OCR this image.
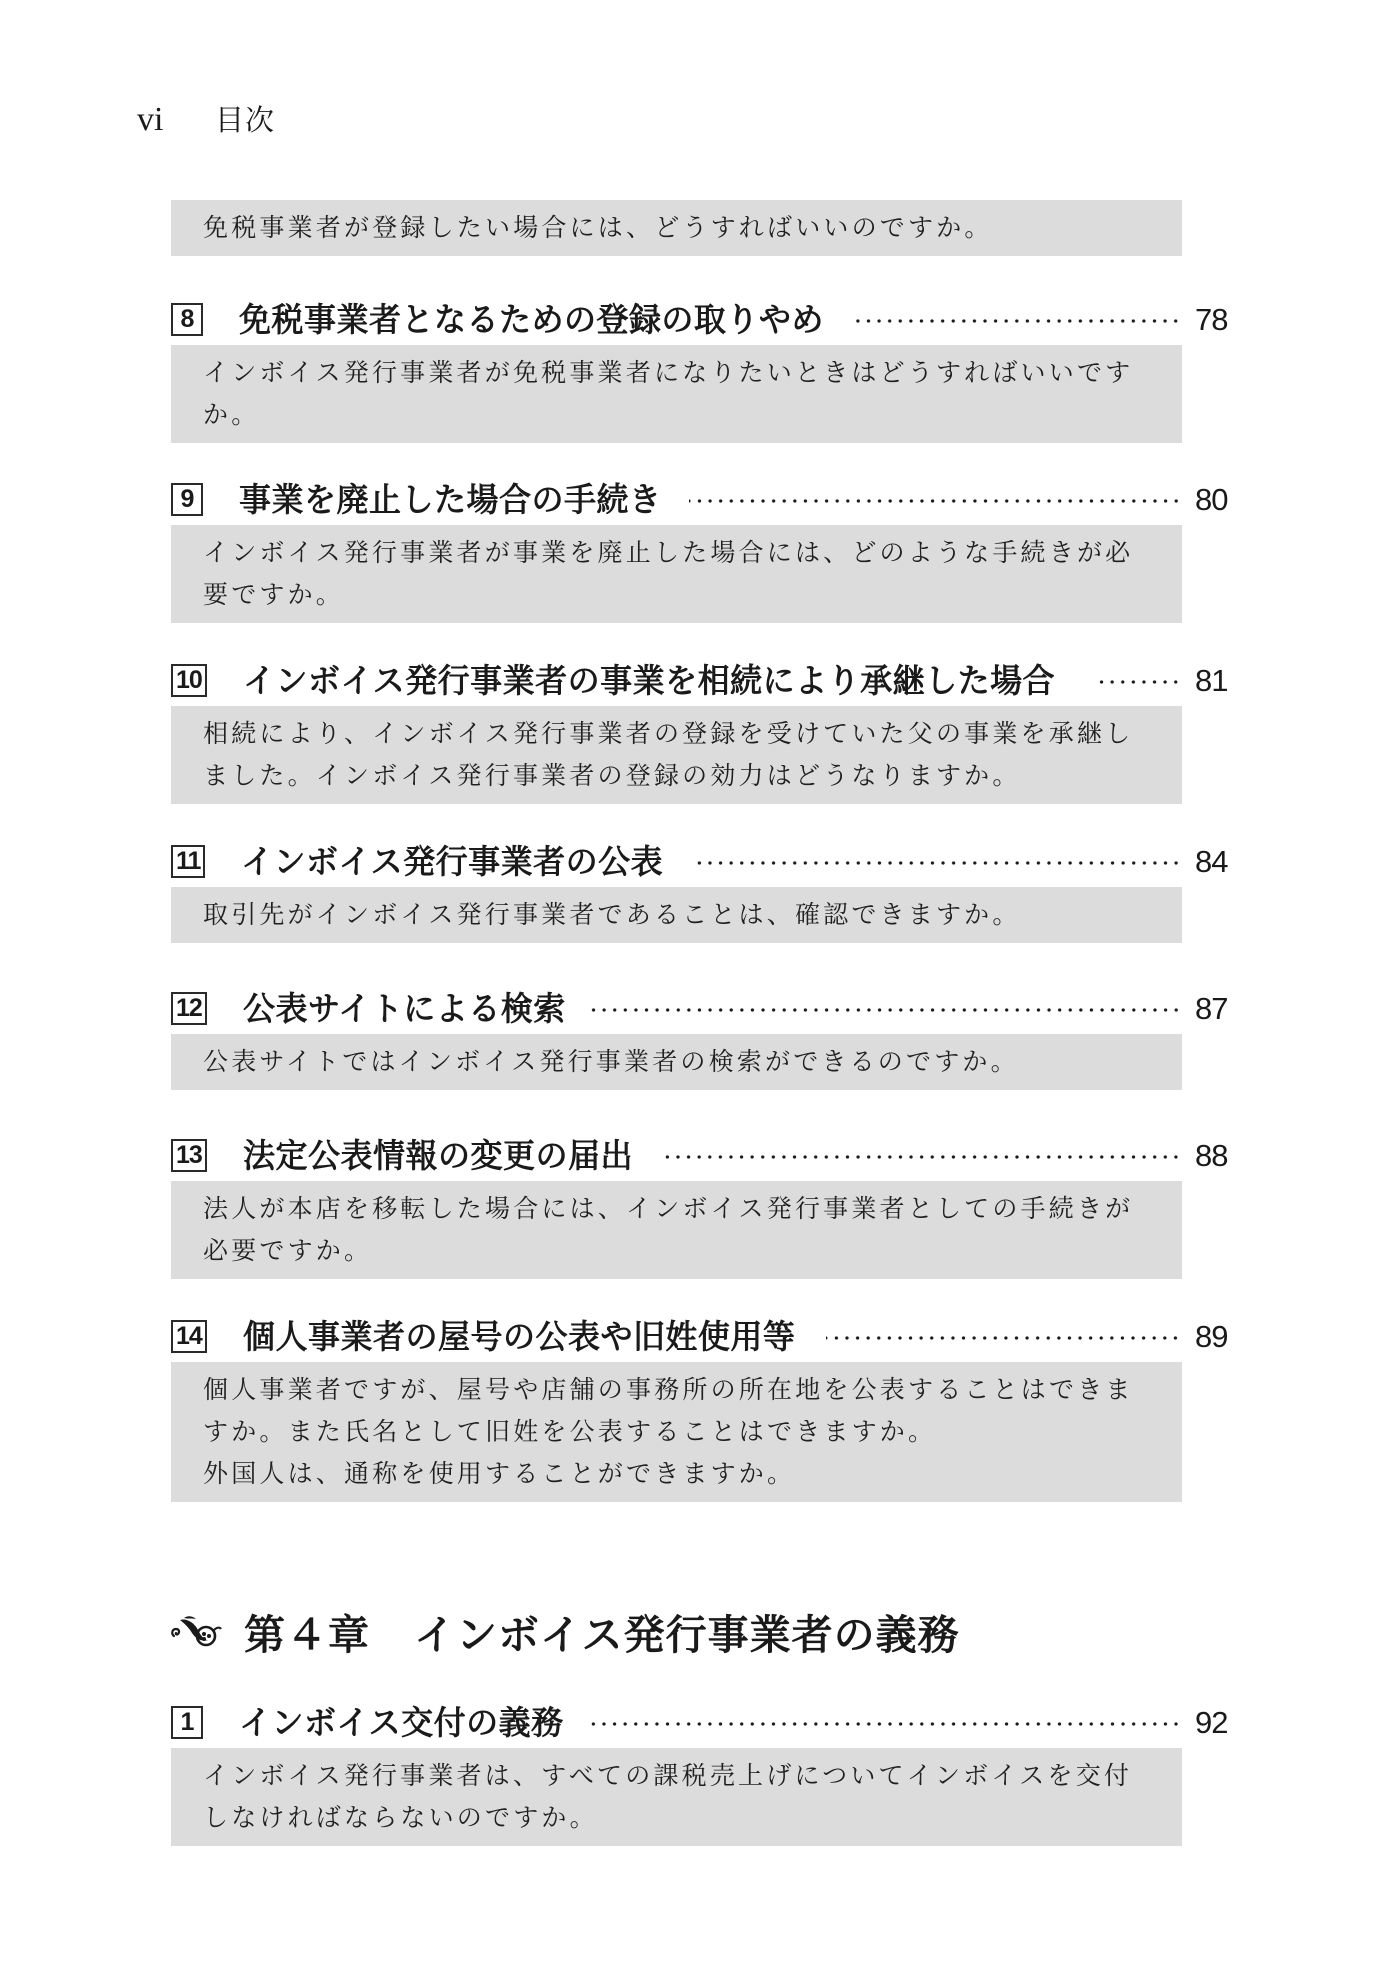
vi	目次
免税事業者が登録したい場合には、どうすればいいのですか。
8 免税事業者となるための登録の取りやめ	78
インボイス発行事業者が免税事業者になりたいときはどうすればいいです
か。
9 事業を廃止した場合の手続き	80
インボイス発行事業者が事業を廃止した場合には、どのような手続きが必
要ですか。
10 インボイス発行事業者の事業を相続により承継した場合	81
相続により、インボイス発行事業者の登録を受けていた父の事業を承継し
ました。インボイス発行事業者の登録の効力はどうなりますか。
11 インボイス発行事業者の公表	84
取引先がインボイス発行事業者であることは、確認できますか。
12 公表サイトによる検索	87
公表サイトではインボイス発行事業者の検索ができるのですか。
13 法定公表情報の変更の届出	88
法人が本店を移転した場合には、インボイス発行事業者としての手続きが
必要ですか。
14 個人事業者の屋号の公表や旧姓使用等	89
個人事業者ですが、屋号や店舗の事務所の所在地を公表することはできま
すか。また氏名として旧姓を公表することはできますか。
外国人は、通称を使用することができますか。
第４章 インボイス発行事業者の義務
1 インボイス交付の義務	92
インボイス発行事業者は、すべての課税売上げについてインボイスを交付
しなければならないのですか。
